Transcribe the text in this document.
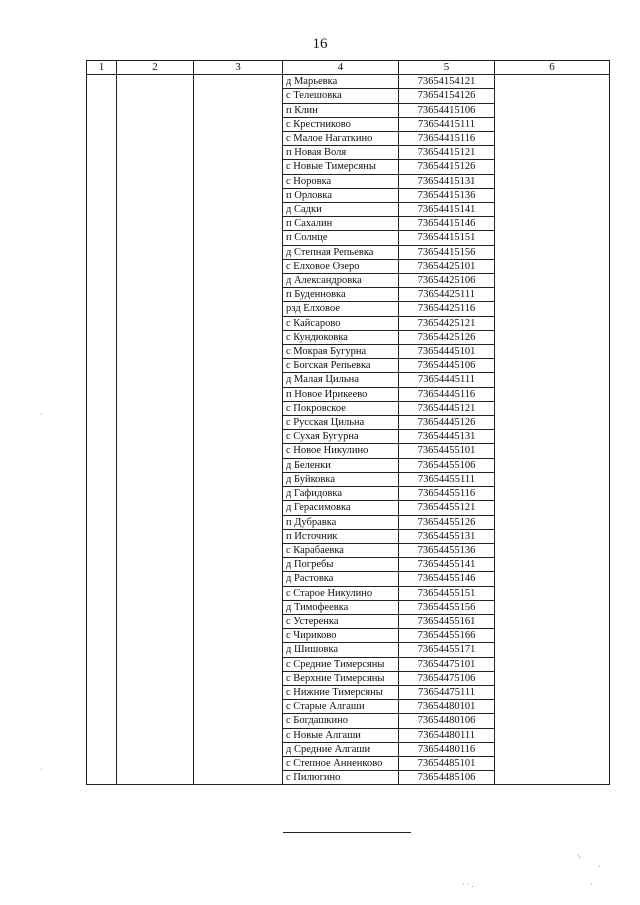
16
1	2	3	4	5	6
			д Марьевка	73654154121	
			с Телешовка	73654154126	
			п Клин	73654415106	
			с Крестниково	73654415111	
			с Малое Нагаткино	73654415116	
			п Новая Воля	73654415121	
			с Новые Тимерсяны	73654415126	
			с Норовка	73654415131	
			п Орловка	73654415136	
			д Садки	73654415141	
			п Сахалин	73654415146	
			п Солнце	73654415151	
			д Степная Репьевка	73654415156	
			с Елховое Озеро	73654425101	
			д Александровка	73654425106	
			п Буденновка	73654425111	
			рзд Елховое	73654425116	
			с Кайсарово	73654425121	
			с Кундюковка	73654425126	
			с Мокрая Бугурна	73654445101	
			с Богская Репьевка	73654445106	
			д Малая Цильна	73654445111	
			п Новое Ирикеево	73654445116	
			с Покровское	73654445121	
			с Русская Цильна	73654445126	
			с Сухая Бугурна	73654445131	
			с Новое Никулино	73654455101	
			д Беленки	73654455106	
			д Буйковка	73654455111	
			д Гафидовка	73654455116	
			д Герасимовка	73654455121	
			п Дубравка	73654455126	
			п Источник	73654455131	
			с Карабаевка	73654455136	
			д Погребы	73654455141	
			д Растовка	73654455146	
			с Старое Никулино	73654455151	
			д Тимофеевка	73654455156	
			с Устеренка	73654455161	
			с Чириково	73654455166	
			д Шишовка	73654455171	
			с Средние Тимерсяны	73654475101	
			с Верхние Тимерсяны	73654475106	
			с Нижние Тимерсяны	73654475111	
			с Старые Алгаши	73654480101	
			с Богдашкино	73654480106	
			с Новые Алгаши	73654480111	
			д Средние Алгаши	73654480116	
			с Степное Анненково	73654485101	
			с Пилюгино	73654485106	
·
·
\
·
·
· · .
